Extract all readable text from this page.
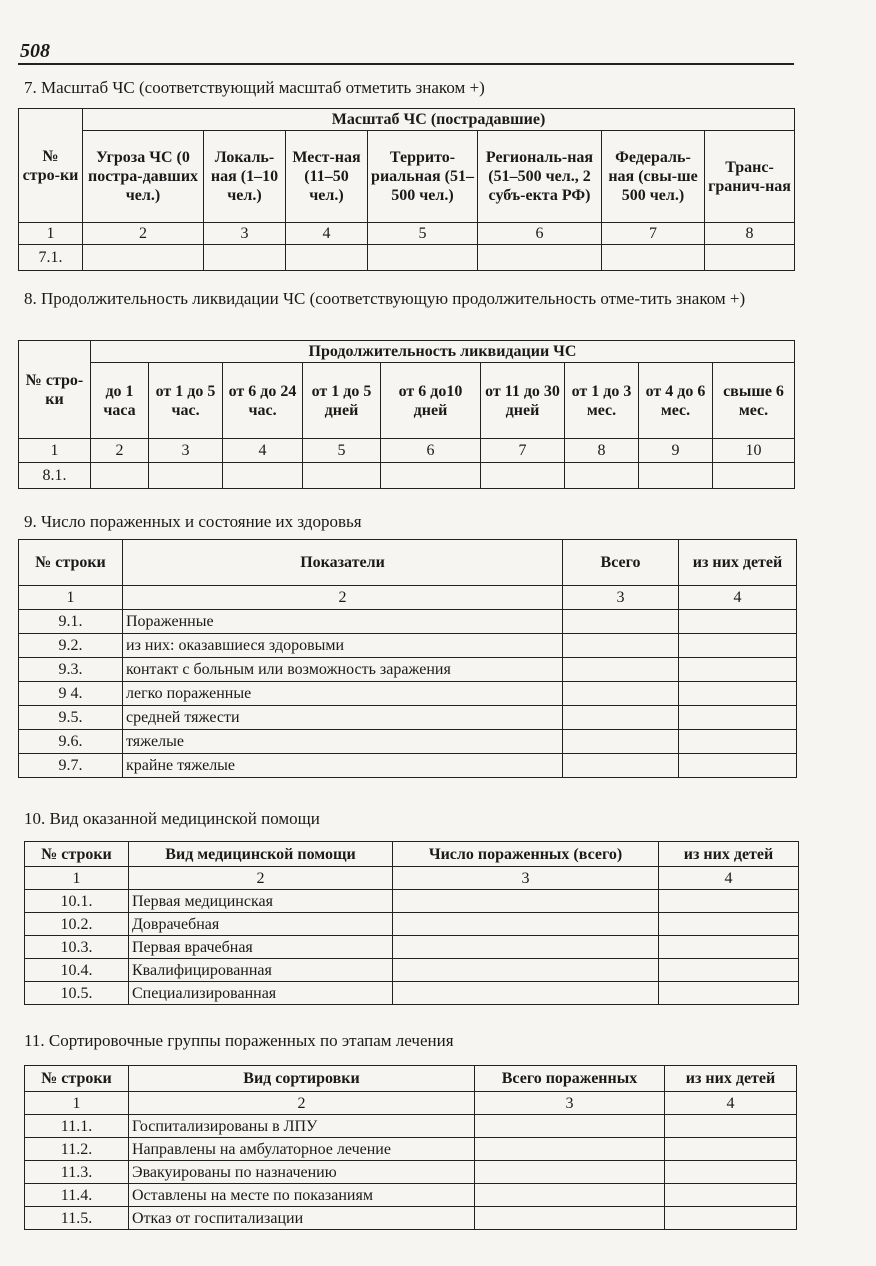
508
7. Масштаб ЧС (соответствующий масштаб отметить знаком +)
№ стро-ки	Масштаб ЧС (пострадавшие)						
	Угроза ЧС (0 постра-давших чел.)	Локаль-ная (1–10 чел.)	Мест-ная (11–50 чел.)	Террито-риальная (51–500 чел.)	Региональ-ная (51–500 чел., 2 субъ-екта РФ)	Федераль-ная (свы-ше 500 чел.)	Транс-гранич-ная
1	2	3	4	5	6	7	8
7.1.							
8. Продолжительность ликвидации ЧС (соответствующую продолжительность отме-тить знаком +)
№ стро-ки	Продолжительность ликвидации ЧС								
	до 1 часа	от 1 до 5 час.	от 6 до 24 час.	от 1 до 5 дней	от 6 до10 дней	от 11 до 30 дней	от 1 до 3 мес.	от 4 до 6 мес.	свыше 6 мес.
1	2	3	4	5	6	7	8	9	10
8.1.									
9. Число пораженных и состояние их здоровья
№ строки	Показатели	Всего	из них детей
1	2	3	4
9.1.	Пораженные		
9.2.	из них: оказавшиеся здоровыми		
9.3.	контакт с больным или возможность заражения		
9 4.	легко пораженные		
9.5.	средней тяжести		
9.6.	тяжелые		
9.7.	крайне тяжелые		
10. Вид оказанной медицинской помощи
№ строки	Вид медицинской помощи	Число пораженных (всего)	из них детей
1	2	3	4
10.1.	Первая медицинская		
10.2.	Доврачебная		
10.3.	Первая врачебная		
10.4.	Квалифицированная		
10.5.	Специализированная		
11. Сортировочные группы пораженных по этапам лечения
№ строки	Вид сортировки	Всего пораженных	из них детей
1	2	3	4
11.1.	Госпитализированы в ЛПУ		
11.2.	Направлены на амбулаторное лечение		
11.3.	Эвакуированы по назначению		
11.4.	Оставлены на месте по показаниям		
11.5.	Отказ от госпитализации		
